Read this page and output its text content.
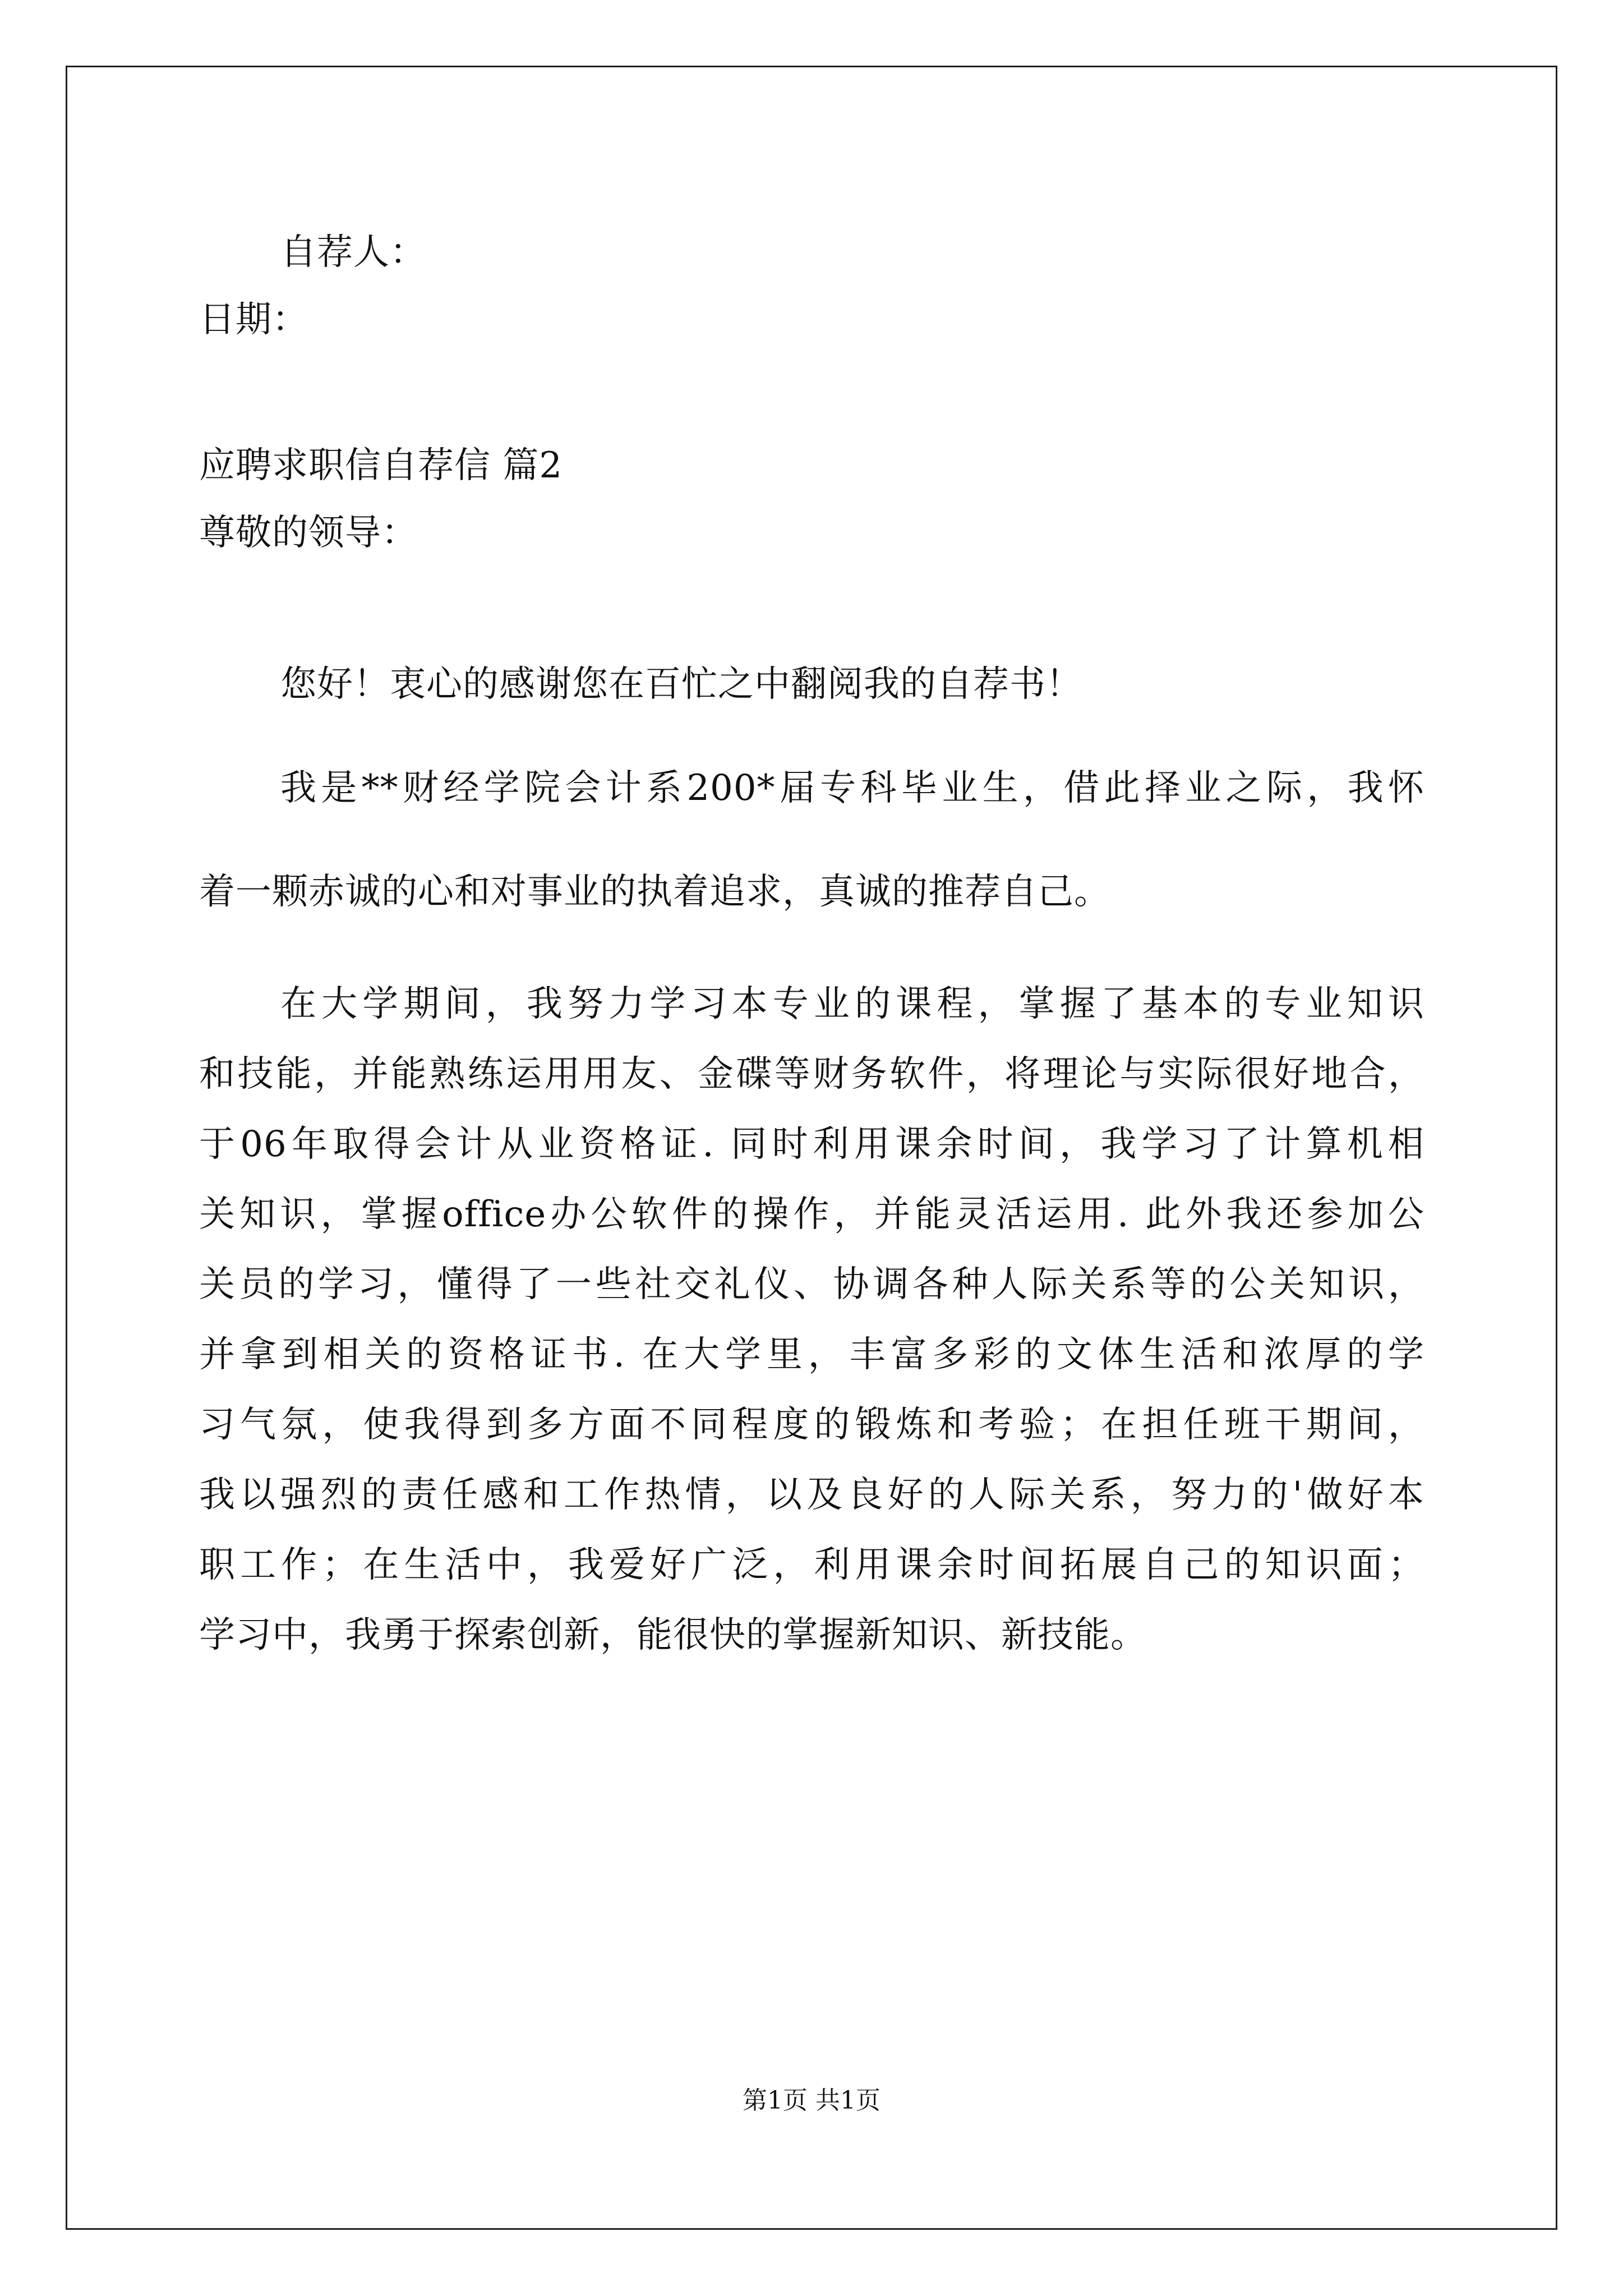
自荐人：
日期：
应聘求职信自荐信 篇2
尊敬的领导：
您好！衷心的感谢您在百忙之中翻阅我的自荐书！
我是**财经学院会计系200*届专科毕业生，借此择业之际，我怀
着一颗赤诚的心和对事业的执着追求，真诚的推荐自己。
在大学期间，我努力学习本专业的课程，掌握了基本的专业知识
和技能，并能熟练运用用友、金碟等财务软件，将理论与实际很好地合，
于06年取得会计从业资格证. 同时利用课余时间，我学习了计算机相
关知识，掌握office办公软件的操作，并能灵活运用. 此外我还参加公
关员的学习，懂得了一些社交礼仪、协调各种人际关系等的公关知识，
并拿到相关的资格证书. 在大学里，丰富多彩的文体生活和浓厚的学
习气氛，使我得到多方面不同程度的锻炼和考验；在担任班干期间，
我以强烈的责任感和工作热情，以及良好的人际关系，努力的'做好本
职工作；在生活中，我爱好广泛，利用课余时间拓展自己的知识面；
学习中，我勇于探索创新，能很快的掌握新知识、新技能。
第1页 共1页
